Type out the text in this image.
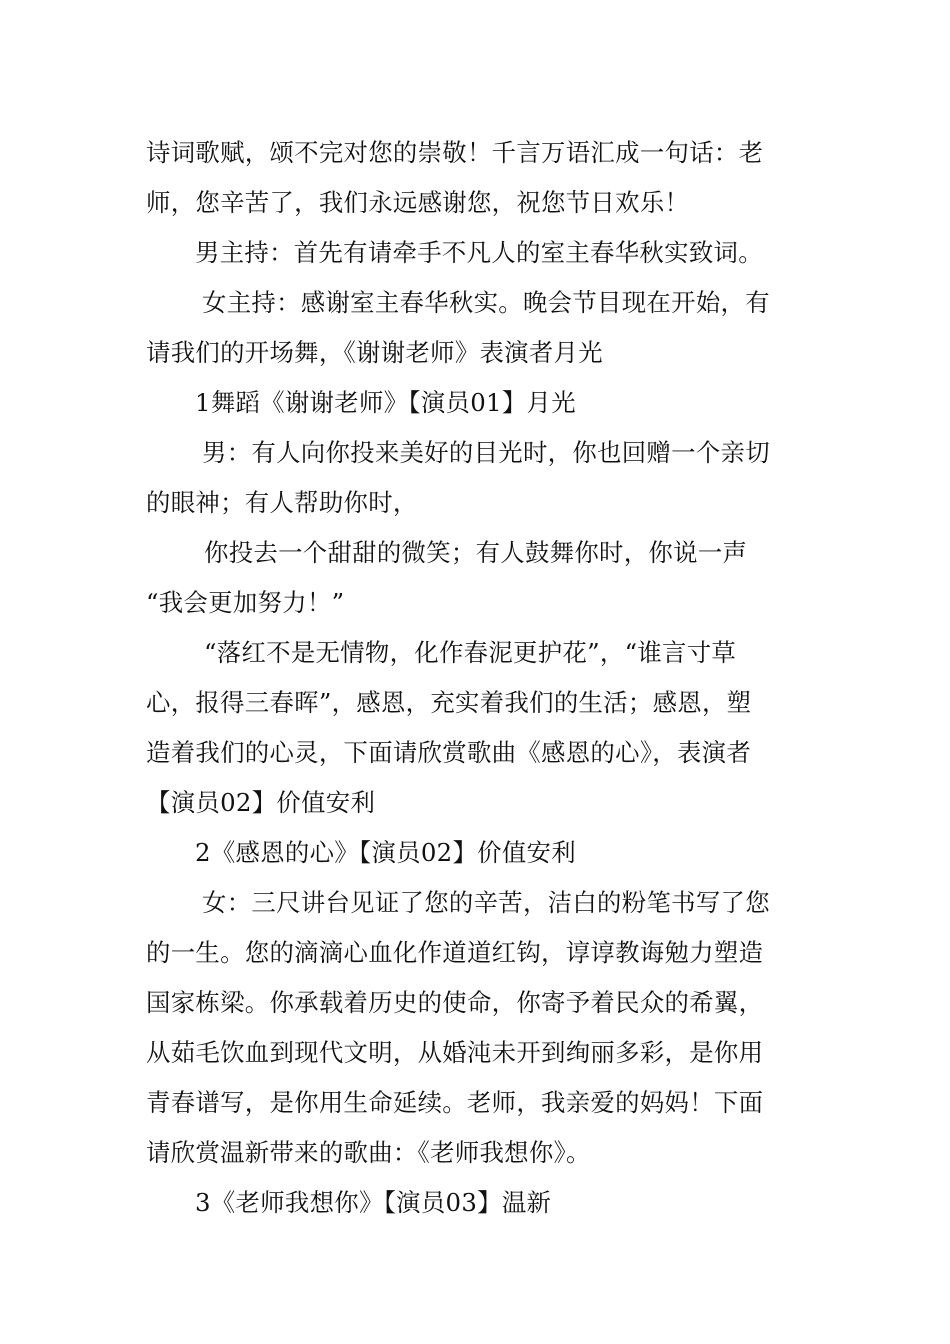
诗词歌赋，颂不完对您的崇敬！千言万语汇成一句话：老
师，您辛苦了，我们永远感谢您，祝您节日欢乐！

男主持：首先有请牵手不凡人的室主春华秋实致词。

女主持：感谢室主春华秋实。晚会节目现在开始，有
请我们的开场舞，《谢谢老师》表演者月光

1舞蹈《谢谢老师》【演员01】月光

男：有人向你投来美好的目光时，你也回赠一个亲切
的眼神；有人帮助你时，

你投去一个甜甜的微笑；有人鼓舞你时，你说一声
“我会更加努力！”

“落红不是无情物，化作春泥更护花”，“谁言寸草
心，报得三春晖”，感恩，充实着我们的生活；感恩，塑
造着我们的心灵，下面请欣赏歌曲《感恩的心》，表演者
【演员02】价值安利

2《感恩的心》【演员02】价值安利

女：三尺讲台见证了您的辛苦，洁白的粉笔书写了您
的一生。您的滴滴心血化作道道红钩，谆谆教诲勉力塑造
国家栋梁。你承载着历史的使命，你寄予着民众的希翼，
从茹毛饮血到现代文明，从婚沌未开到绚丽多彩，是你用
青春谱写，是你用生命延续。老师，我亲爱的妈妈！下面
请欣赏温新带来的歌曲：《老师我想你》。

3《老师我想你》【演员03】温新
